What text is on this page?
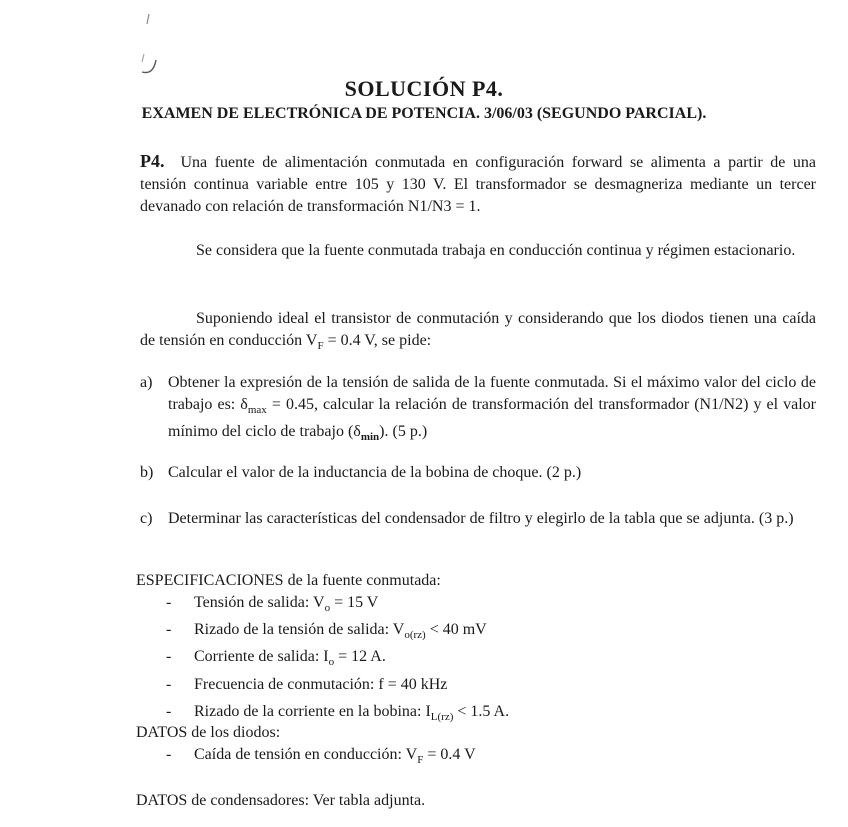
SOLUCIÓN P4.
EXAMEN DE ELECTRÓNICA DE POTENCIA. 3/06/03 (SEGUNDO PARCIAL).
P4. Una fuente de alimentación conmutada en configuración forward se alimenta a partir de una tensión continua variable entre 105 y 130 V. El transformador se desmagneriza mediante un tercer devanado con relación de transformación N1/N3 = 1.
Se considera que la fuente conmutada trabaja en conducción continua y régimen estacionario.
Suponiendo ideal el transistor de conmutación y considerando que los diodos tienen una caída de tensión en conducción $V_F = 0.4$ V, se pide:
a) Obtener la expresión de la tensión de salida de la fuente conmutada. Si el máximo valor del ciclo de trabajo es: $\delta_{max} = 0.45$, calcular la relación de transformación del transformador (N1/N2) y el valor mínimo del ciclo de trabajo $(\delta_{min})$. (5 p.)
b) Calcular el valor de la inductancia de la bobina de choque. (2 p.)
c) Determinar las características del condensador de filtro y elegirlo de la tabla que se adjunta. (3 p.)
ESPECIFICACIONES de la fuente conmutada:
- Tensión de salida: $V_o = 15$ V
- Rizado de la tensión de salida: $V_{o(rz)} < 40$ mV
- Corriente de salida: $I_o = 12$ A.
- Frecuencia de conmutación: f = 40 kHz
- Rizado de la corriente en la bobina: $I_{L(rz)} < 1.5$ A.
DATOS de los diodos:
- Caída de tensión en conducción: $V_F = 0.4$ V
DATOS de condensadores: Ver tabla adjunta.
